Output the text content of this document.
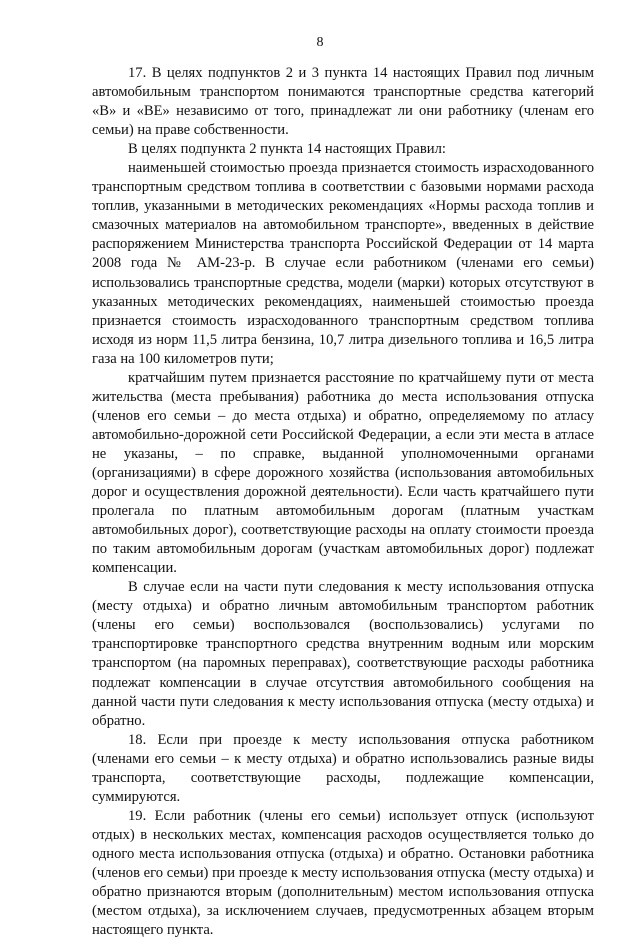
8

17. В целях подпунктов 2 и 3 пункта 14 настоящих Правил под личным автомобильным транспортом понимаются транспортные средства категорий «B» и «BE» независимо от того, принадлежат ли они работнику (членам его семьи) на праве собственности.

В целях подпункта 2 пункта 14 настоящих Правил:

наименьшей стоимостью проезда признается стоимость израсходованного транспортным средством топлива в соответствии с базовыми нормами расхода топлив, указанными в методических рекомендациях «Нормы расхода топлив и смазочных материалов на автомобильном транспорте», введенных в действие распоряжением Министерства транспорта Российской Федерации от 14 марта 2008 года № АМ-23-р. В случае если работником (членами его семьи) использовались транспортные средства, модели (марки) которых отсутствуют в указанных методических рекомендациях, наименьшей стоимостью проезда признается стоимость израсходованного транспортным средством топлива исходя из норм 11,5 литра бензина, 10,7 литра дизельного топлива и 16,5 литра газа на 100 километров пути;

кратчайшим путем признается расстояние по кратчайшему пути от места жительства (места пребывания) работника до места использования отпуска (членов его семьи – до места отдыха) и обратно, определяемому по атласу автомобильно-дорожной сети Российской Федерации, а если эти места в атласе не указаны, – по справке, выданной уполномоченными органами (организациями) в сфере дорожного хозяйства (использования автомобильных дорог и осуществления дорожной деятельности). Если часть кратчайшего пути пролегала по платным автомобильным дорогам (платным участкам автомобильных дорог), соответствующие расходы на оплату стоимости проезда по таким автомобильным дорогам (участкам автомобильных дорог) подлежат компенсации.

В случае если на части пути следования к месту использования отпуска (месту отдыха) и обратно личным автомобильным транспортом работник (члены его семьи) воспользовался (воспользовались) услугами по транспортировке транспортного средства внутренним водным или морским транспортом (на паромных переправах), соответствующие расходы работника подлежат компенсации в случае отсутствия автомобильного сообщения на данной части пути следования к месту использования отпуска (месту отдыха) и обратно.

18. Если при проезде к месту использования отпуска работником (членами его семьи – к месту отдыха) и обратно использовались разные виды транспорта, соответствующие расходы, подлежащие компенсации, суммируются.

19. Если работник (члены его семьи) использует отпуск (используют отдых) в нескольких местах, компенсация расходов осуществляется только до одного места использования отпуска (отдыха) и обратно. Остановки работника (членов его семьи) при проезде к месту использования отпуска (месту отдыха) и обратно признаются вторым (дополнительным) местом использования отпуска (местом отдыха), за исключением случаев, предусмотренных абзацем вторым настоящего пункта.
